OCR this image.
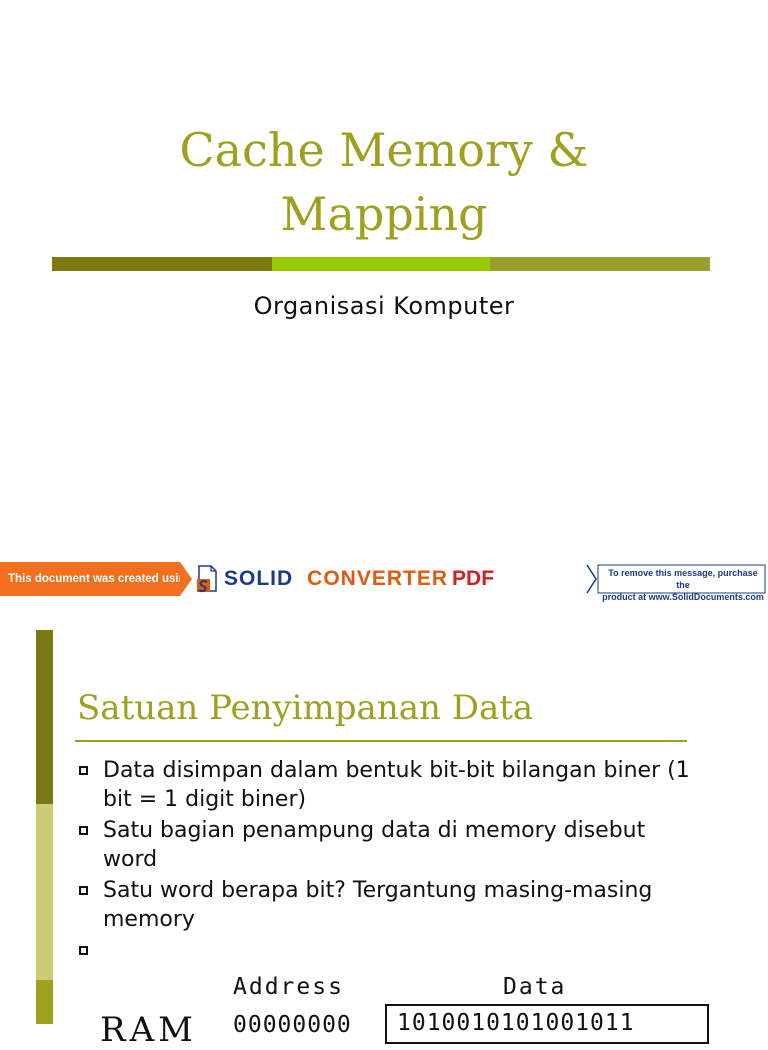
Cache Memory &
Mapping
Organisasi Komputer
This document was created using SOLID CONVERTER PDF	To remove this message, purchase the
product at www.SolidDocuments.com
Satuan Penyimpanan Data
Data disimpan dalam bentuk bit-bit bilangan biner (1 bit = 1 digit biner)
Satu bagian penampung data di memory disebut word
Satu word berapa bit? Tergantung masing-masing memory
Address	Data
RAM 00000000	1010010101001011
